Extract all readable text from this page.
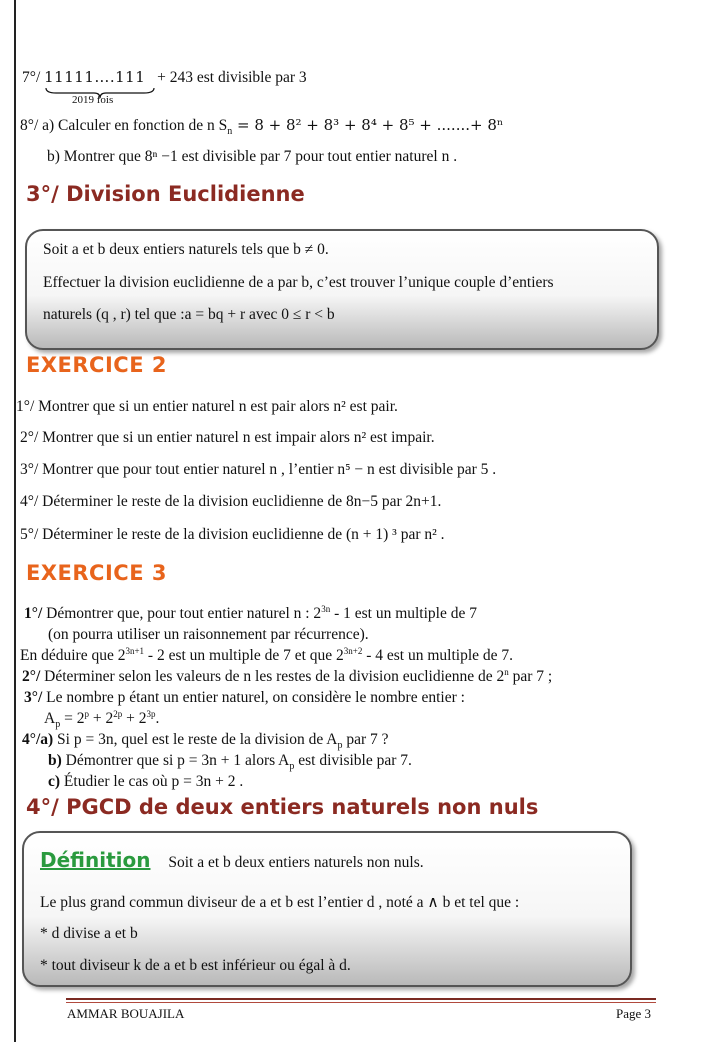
7°/ 11111….111 + 243 est divisible par 3
2019 fois
8°/ a) Calculer en fonction de n $S_n = 8 + 8^2 + 8^3 + 8^4 + 8^5$ + .......+ 8ⁿ
b) Montrer que 8ⁿ −1 est divisible par 7 pour tout entier naturel n .
3°/ Division Euclidienne
Soit a et b deux entiers naturels tels que b ≠ 0.
Effectuer la division euclidienne de a par b, c’est trouver l’unique couple d’entiers
naturels (q , r) tel que :a = bq + r avec 0 ≤ r < b
EXERCICE 2
1°/ Montrer que si un entier naturel n est pair alors n² est pair.
2°/ Montrer que si un entier naturel n est impair alors n² est impair.
3°/ Montrer que pour tout entier naturel n , l’entier n⁵ − n est divisible par 5 .
4°/ Déterminer le reste de la division euclidienne de 8n−5 par 2n+1.
5°/ Déterminer le reste de la division euclidienne de (n + 1) ³ par n² .
EXERCICE 3
1°/ Démontrer que, pour tout entier naturel n : $2^{3n} - 1$ est un multiple de 7
(on pourra utiliser un raisonnement par récurrence).
En déduire que $2^{3n+1} - 2$ est un multiple de 7 et que $2^{3n+2} - 4$ est un multiple de 7.
2°/ Déterminer selon les valeurs de n les restes de la division euclidienne de 2$^n$ par 7 ;
3°/ Le nombre p étant un entier naturel, on considère le nombre entier :
$A_p = 2^p + 2^{2p} + 2^{3p}$.
4°/a) Si p = 3n, quel est le reste de la division de $A_p$ par 7 ?
b) Démontrer que si p = 3n + 1 alors $A_p$ est divisible par 7.
c) Étudier le cas où p = 3n + 2 .
4°/ PGCD de deux entiers naturels non nuls
Définition Soit a et b deux entiers naturels non nuls.
Le plus grand commun diviseur de a et b est l’entier d , noté a ∧ b et tel que :
* d divise a et b
* tout diviseur k de a et b est inférieur ou égal à d.
AMMAR BOUAJILA	Page 3
